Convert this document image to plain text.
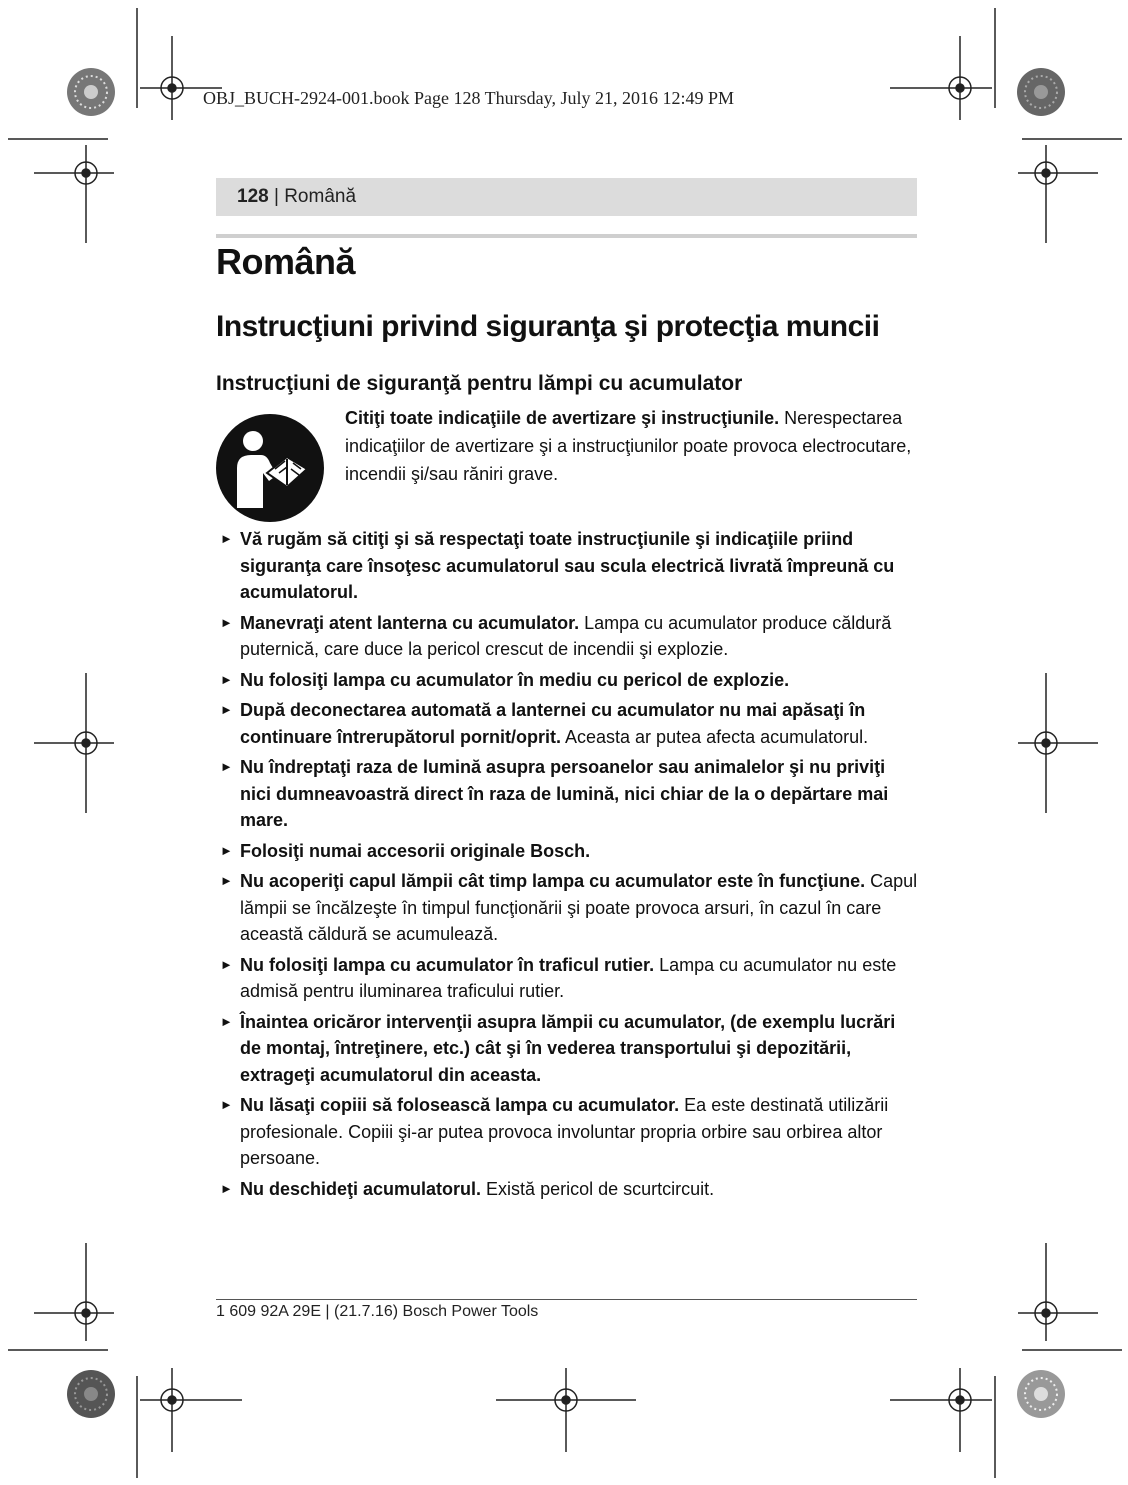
OBJ_BUCH-2924-001.book Page 128 Thursday, July 21, 2016 12:49 PM
128 | Română
Română
Instrucţiuni privind siguranţa şi protecţia muncii
Instrucţiuni de siguranţă pentru lămpi cu acumulator

Citiţi toate indicaţiile de avertizare şi instrucţiunile. Nerespectarea indicaţiilor de avertizare şi a instrucţiunilor poate provoca electrocutare, incendii şi/sau răniri grave.

► Vă rugăm să citiţi şi să respectaţi toate instrucţiunile şi indicaţiile priind siguranţa care însoţesc acumulatorul sau scula electrică livrată împreună cu acumulatorul.
► Manevraţi atent lanterna cu acumulator. Lampa cu acumulator produce căldură puternică, care duce la pericol crescut de incendii şi explozie.
► Nu folosiţi lampa cu acumulator în mediu cu pericol de explozie.
► După deconectarea automată a lanternei cu acumulator nu mai apăsaţi în continuare întrerupătorul pornit/oprit. Aceasta ar putea afecta acumulatorul.
► Nu îndreptaţi raza de lumină asupra persoanelor sau animalelor şi nu priviţi nici dumneavoastră direct în raza de lumină, nici chiar de la o depărtare mai mare.
► Folosiţi numai accesorii originale Bosch.
► Nu acoperiţi capul lămpii cât timp lampa cu acumulator este în funcţiune. Capul lămpii se încălzeşte în timpul funcţionării şi poate provoca arsuri, în cazul în care această căldură se acumulează.
► Nu folosiţi lampa cu acumulator în traficul rutier. Lampa cu acumulator nu este admisă pentru iluminarea traficului rutier.
► Înaintea oricăror intervenţii asupra lămpii cu acumulator, (de exemplu lucrări de montaj, întreţinere, etc.) cât şi în vederea transportului şi depozitării, extrageţi acumulatorul din aceasta.
► Nu lăsaţi copiii să folosească lampa cu acumulator. Ea este destinată utilizării profesionale. Copiii şi-ar putea provoca involuntar propria orbire sau orbirea altor persoane.
► Nu deschideţi acumulatorul. Există pericol de scurtcircuit.
1 609 92A 29E | (21.7.16) Bosch Power Tools
